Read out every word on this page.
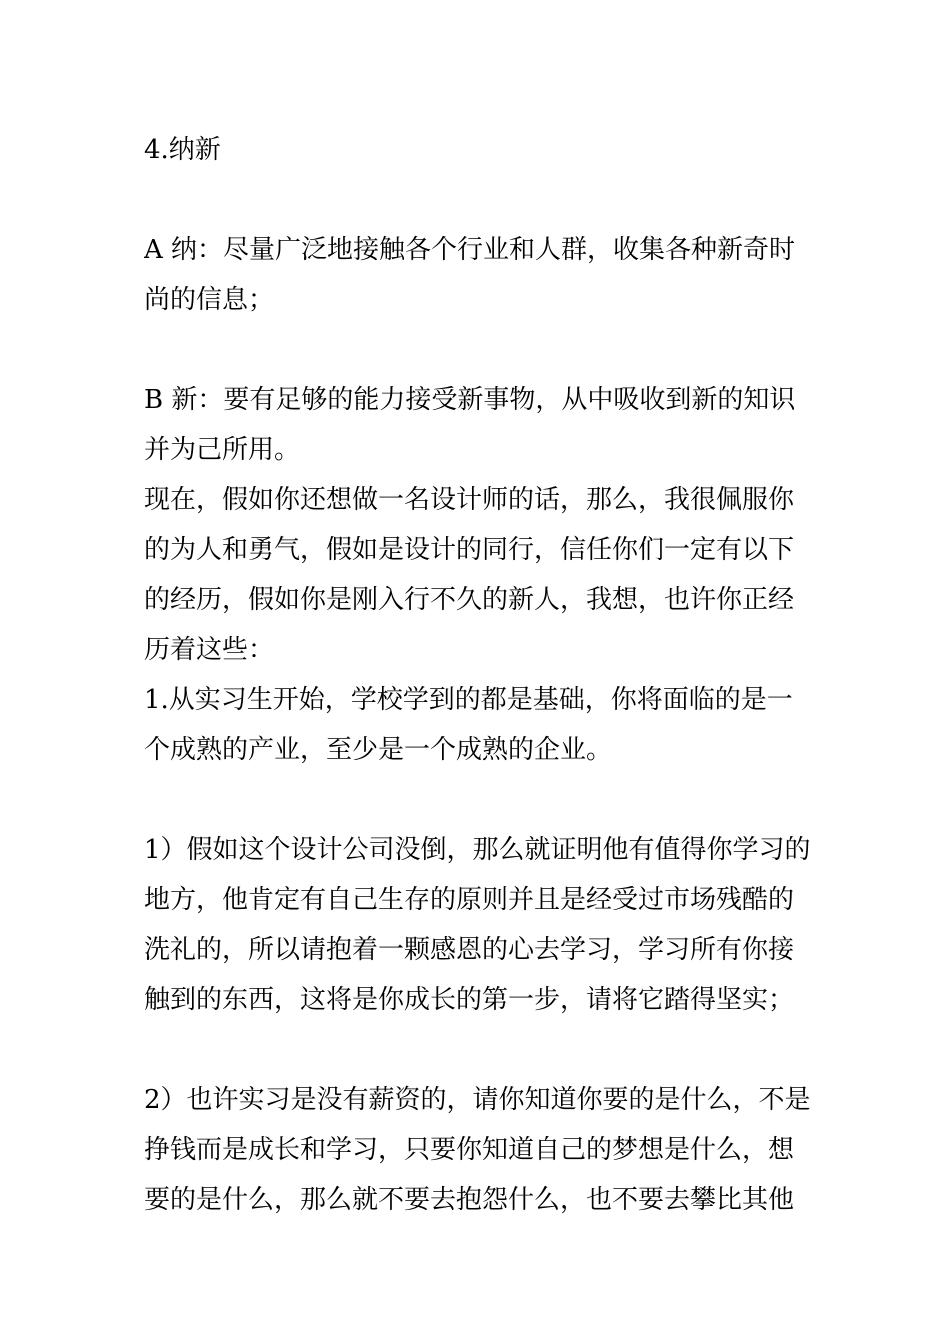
4.纳新
A 纳：尽量广泛地接触各个行业和人群，收集各种新奇时
尚的信息；
B 新：要有足够的能力接受新事物，从中吸收到新的知识
并为己所用。
现在，假如你还想做一名设计师的话，那么，我很佩服你
的为人和勇气，假如是设计的同行，信任你们一定有以下
的经历，假如你是刚入行不久的新人，我想，也许你正经
历着这些：
1.从实习生开始，学校学到的都是基础，你将面临的是一
个成熟的产业，至少是一个成熟的企业。
1）假如这个设计公司没倒，那么就证明他有值得你学习的
地方，他肯定有自己生存的原则并且是经受过市场残酷的
洗礼的，所以请抱着一颗感恩的心去学习，学习所有你接
触到的东西，这将是你成长的第一步，请将它踏得坚实；
2）也许实习是没有薪资的，请你知道你要的是什么，不是
挣钱而是成长和学习，只要你知道自己的梦想是什么，想
要的是什么，那么就不要去抱怨什么，也不要去攀比其他
